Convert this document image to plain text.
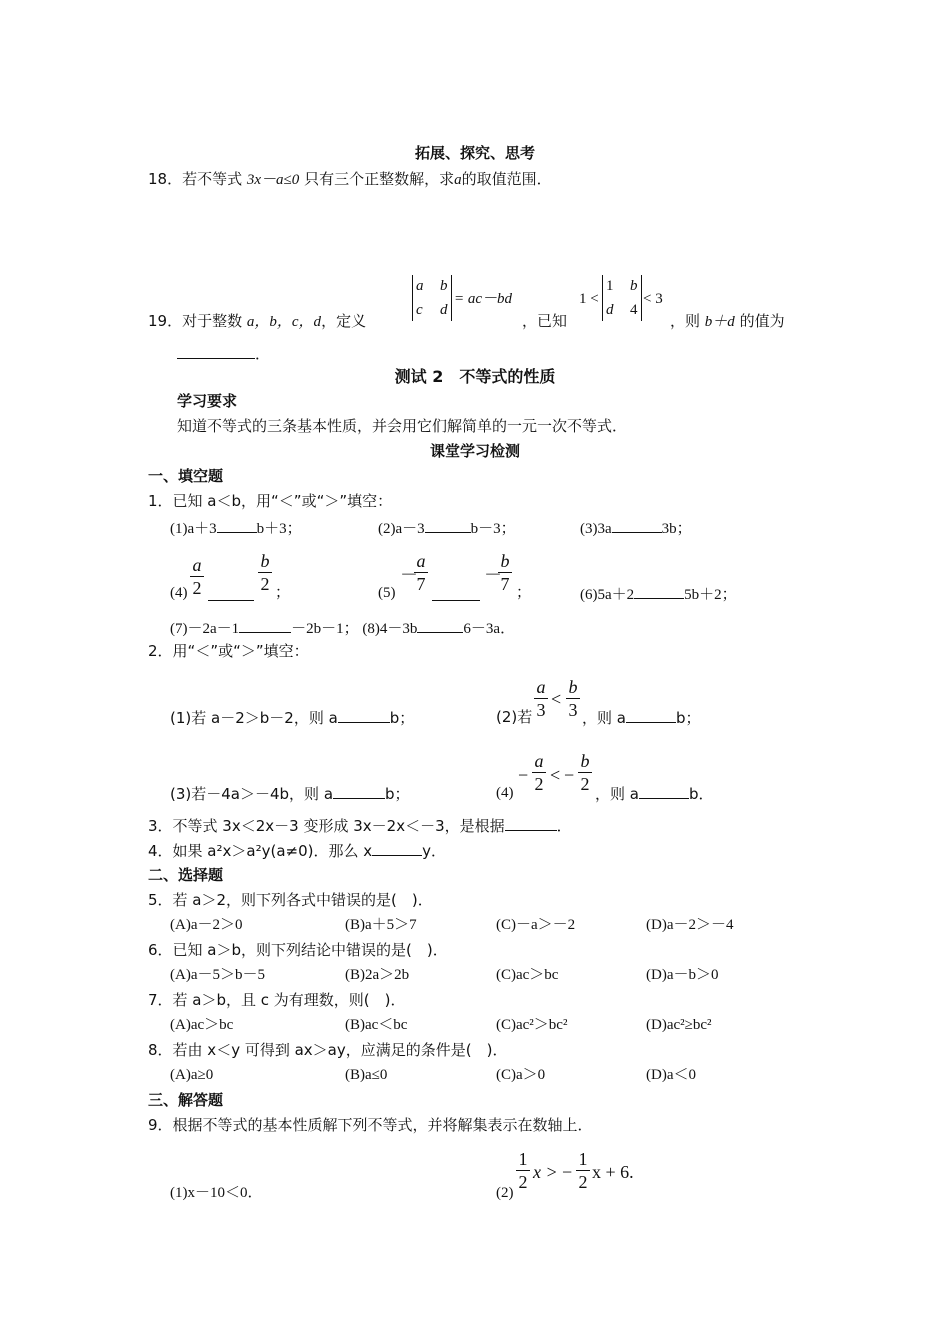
拓展、探究、思考
18．若不等式 3x－a≤0 只有三个正整数解，求a的取值范围．
19．对于整数 a，b，c，d，定义
a b
c d
= ac－bd
，已知
1 <
1 b
d 4
< 3
，则 b＋d 的值为
．
测试 2　不等式的性质
学习要求
知道不等式的三条基本性质，并会用它们解简单的一元一次不等式．
课堂学习检测
一、填空题
1．已知 a＜b，用“＜”或“＞”填空：
(1)a＋3	b＋3；	(2)a－3	b－3；	(3)3a	3b；
(4)
a
2
b
2 ；	(5)
－
a
7	－
b
7 ；	(6)5a＋2	5b＋2；
(7)－2a－1	－2b－1； (8)4－3b	6－3a．
2．用“＜”或“＞”填空：
(1)若 a－2＞b－2，则 a	b；	(2)若
a
3
<
b
3 ，则 a	b；
(3)若－4a＞－4b，则 a	b；	(4)
−
a
2 < −
b
2 ，则 a	b．
3．不等式 3x＜2x－3 变形成 3x－2x＜－3，是根据	．
4．如果 a²x＞a²y(a≠0)．那么 x	y．
二、选择题
5．若 a＞2，则下列各式中错误的是(　)．
(A)a－2＞0	(B)a＋5＞7	(C)－a＞－2	(D)a－2＞－4
6．已知 a＞b，则下列结论中错误的是(　)．
(A)a－5＞b－5	(B)2a＞2b	(C)ac＞bc	(D)a－b＞0
7．若 a＞b，且 c 为有理数，则(　)．
(A)ac＞bc	(B)ac＜bc	(C)ac²＞bc²	(D)ac²≥bc²
8．若由 x＜y 可得到 ax＞ay，应满足的条件是(　)．
(A)a≥0	(B)a≤0	(C)a＞0	(D)a＜0
三、解答题
9．根据不等式的基本性质解下列不等式，并将解集表示在数轴上．
(1)x－10＜0．	(2)
1
2 x > −
1
2 x + 6.
